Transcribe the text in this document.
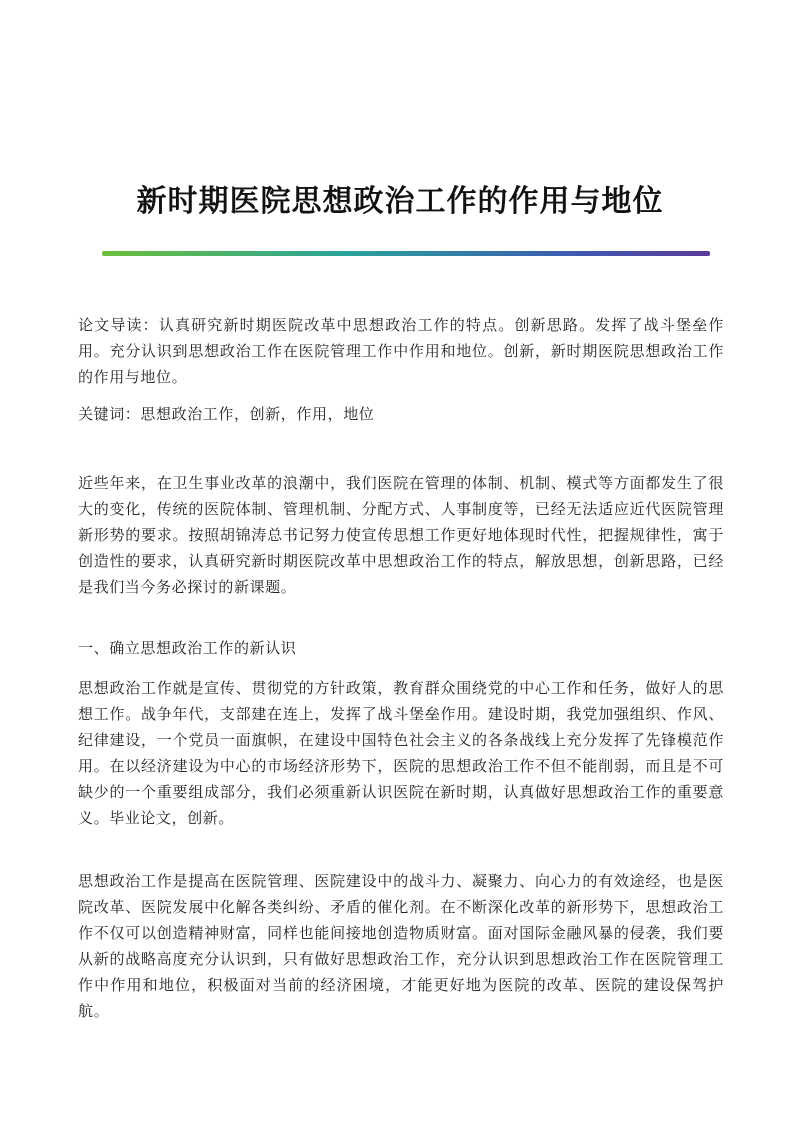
新时期医院思想政治工作的作用与地位

论文导读：认真研究新时期医院改革中思想政治工作的特点。创新思路。发挥了战斗堡垒作用。充分认识到思想政治工作在医院管理工作中作用和地位。创新，新时期医院思想政治工作的作用与地位。

关键词：思想政治工作，创新，作用，地位

近些年来，在卫生事业改革的浪潮中，我们医院在管理的体制、机制、模式等方面都发生了很大的变化，传统的医院体制、管理机制、分配方式、人事制度等，已经无法适应近代医院管理新形势的要求。按照胡锦涛总书记努力使宣传思想工作更好地体现时代性，把握规律性，寓于创造性的要求，认真研究新时期医院改革中思想政治工作的特点，解放思想，创新思路，已经是我们当今务必探讨的新课题。

一、确立思想政治工作的新认识

思想政治工作就是宣传、贯彻党的方针政策，教育群众围绕党的中心工作和任务，做好人的思想工作。战争年代，支部建在连上，发挥了战斗堡垒作用。建设时期，我党加强组织、作风、纪律建设，一个党员一面旗帜，在建设中国特色社会主义的各条战线上充分发挥了先锋模范作用。在以经济建设为中心的市场经济形势下，医院的思想政治工作不但不能削弱，而且是不可缺少的一个重要组成部分，我们必须重新认识医院在新时期，认真做好思想政治工作的重要意义。毕业论文，创新。

思想政治工作是提高在医院管理、医院建设中的战斗力、凝聚力、向心力的有效途经，也是医院改革、医院发展中化解各类纠纷、矛盾的催化剂。在不断深化改革的新形势下，思想政治工作不仅可以创造精神财富，同样也能间接地创造物质财富。面对国际金融风暴的侵袭，我们要从新的战略高度充分认识到，只有做好思想政治工作，充分认识到思想政治工作在医院管理工作中作用和地位，积极面对当前的经济困境，才能更好地为医院的改革、医院的建设保驾护航。
